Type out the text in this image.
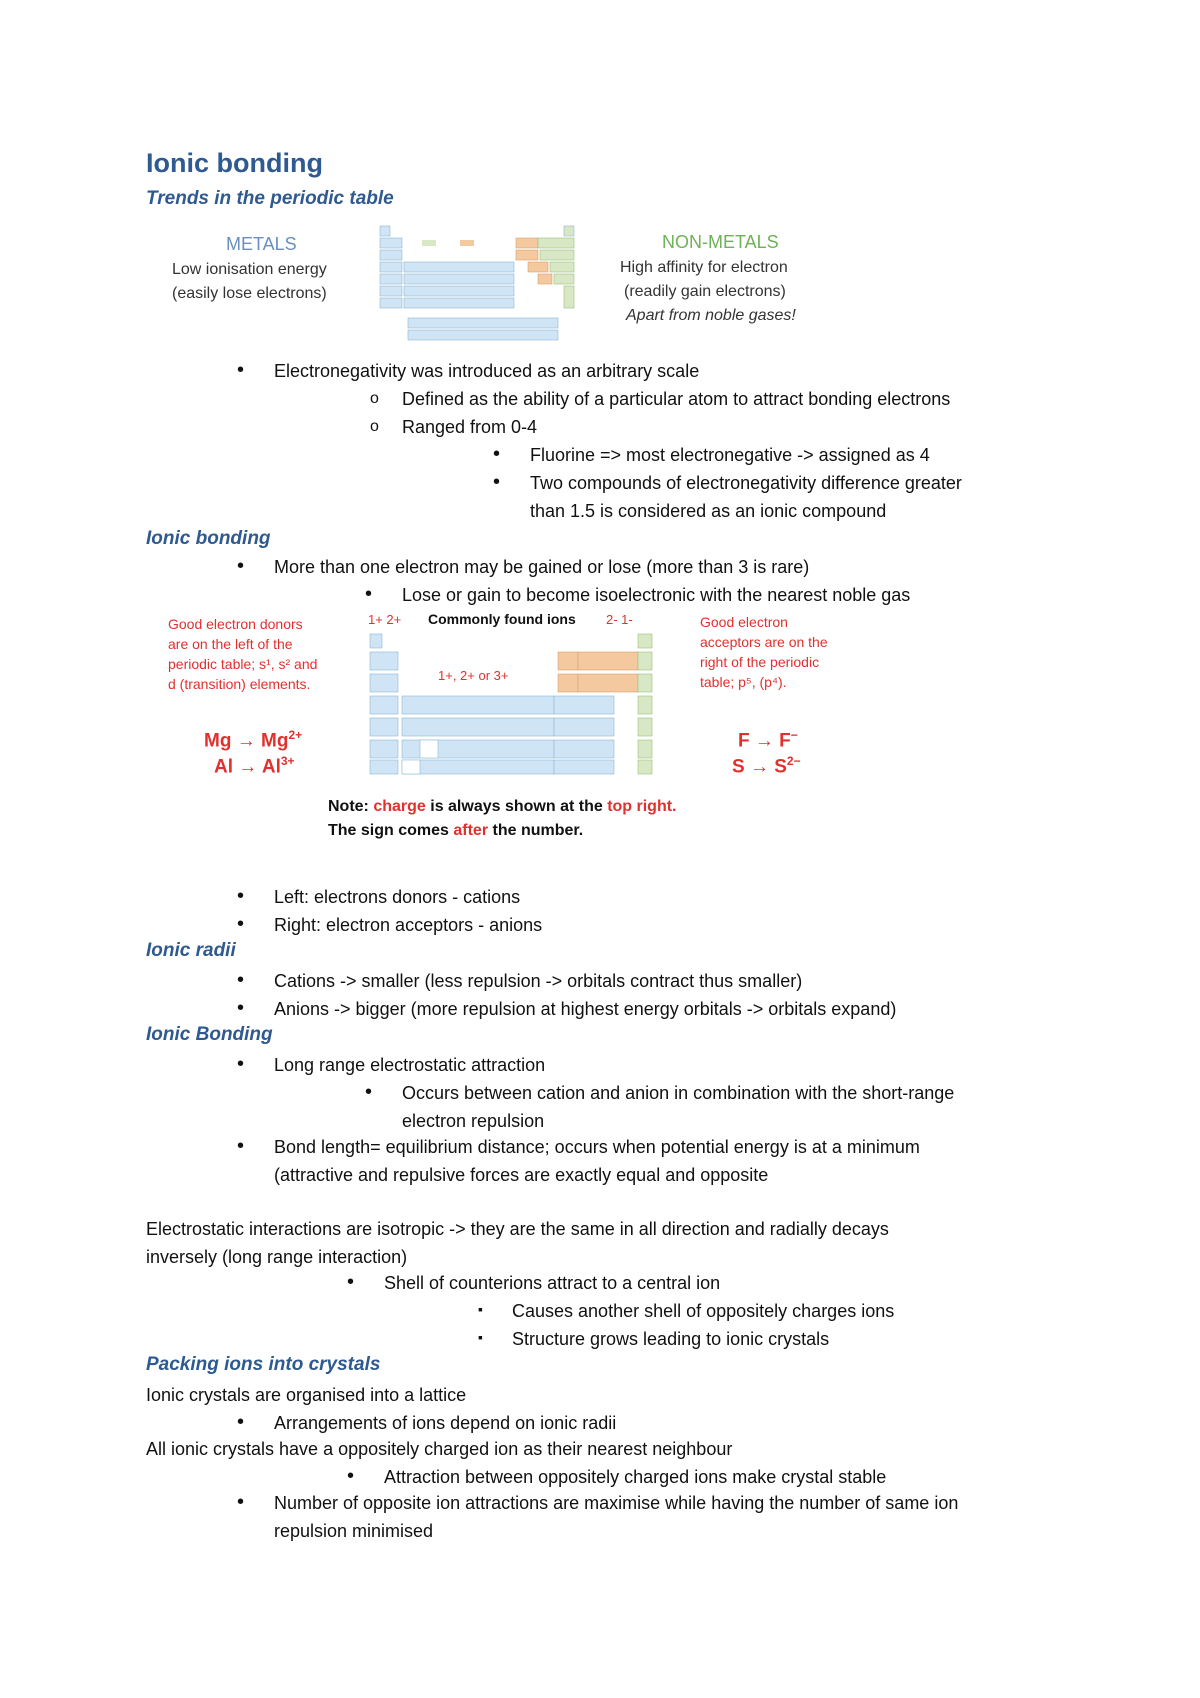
Ionic bonding
Trends in the periodic table
METALS
Low ionisation energy
(easily lose electrons)
NON-METALS
High affinity for electron
(readily gain electrons)
Apart from noble gases!
• Electronegativity was introduced as an arbitrary scale
o Defined as the ability of a particular atom to attract bonding electrons
o Ranged from 0-4
• Fluorine => most electronegative -> assigned as 4
• Two compounds of electronegativity difference greater
than 1.5 is considered as an ionic compound
Ionic bonding
• More than one electron may be gained or lose (more than 3 is rare)
• Lose or gain to become isoelectronic with the nearest noble gas
Good electron donors
are on the left of the
periodic table; s¹, s² and
d (transition) elements.
$Mg \to Mg^{2+}$
$Al \to Al^{3+}$
1+ 2+ Commonly found ions 2- 1-
1+, 2+ or 3+
Good electron
acceptors are on the
right of the periodic
table; p⁵, (p⁴).
F → F−
$S \to S^{2-}$
Note: charge is always shown at the top right.
The sign comes after the number.
• Left: electrons donors - cations
• Right: electron acceptors - anions
Ionic radii
• Cations -> smaller (less repulsion -> orbitals contract thus smaller)
• Anions -> bigger (more repulsion at highest energy orbitals -> orbitals expand)
Ionic Bonding
• Long range electrostatic attraction
• Occurs between cation and anion in combination with the short-range
electron repulsion
• Bond length= equilibrium distance; occurs when potential energy is at a minimum
(attractive and repulsive forces are exactly equal and opposite
Electrostatic interactions are isotropic -> they are the same in all direction and radially decays
inversely (long range interaction)
• Shell of counterions attract to a central ion
▪ Causes another shell of oppositely charges ions
▪ Structure grows leading to ionic crystals
Packing ions into crystals
Ionic crystals are organised into a lattice
• Arrangements of ions depend on ionic radii
All ionic crystals have a oppositely charged ion as their nearest neighbour
• Attraction between oppositely charged ions make crystal stable
• Number of opposite ion attractions are maximise while having the number of same ion
repulsion minimised
